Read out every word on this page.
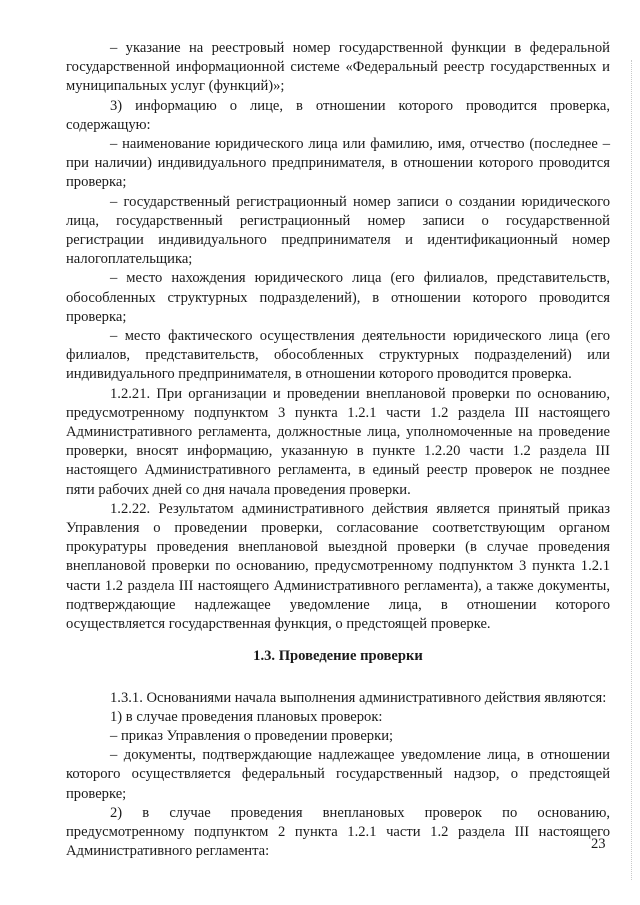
– указание на реестровый номер государственной функции в федеральной государственной информационной системе «Федеральный реестр государственных и муниципальных услуг (функций)»;

3) информацию о лице, в отношении которого проводится проверка, содержащую:

– наименование юридического лица или фамилию, имя, отчество (последнее – при наличии) индивидуального предпринимателя, в отношении которого проводится проверка;

– государственный регистрационный номер записи о создании юридического лица, государственный регистрационный номер записи о государственной регистрации индивидуального предпринимателя и идентификационный номер налогоплательщика;

– место нахождения юридического лица (его филиалов, представительств, обособленных структурных подразделений), в отношении которого проводится проверка;

– место фактического осуществления деятельности юридического лица (его филиалов, представительств, обособленных структурных подразделений) или индивидуального предпринимателя, в отношении которого проводится проверка.

1.2.21. При организации и проведении внеплановой проверки по основанию, предусмотренному подпунктом 3 пункта 1.2.1 части 1.2 раздела III настоящего Административного регламента, должностные лица, уполномоченные на проведение проверки, вносят информацию, указанную в пункте 1.2.20 части 1.2 раздела III настоящего Административного регламента, в единый реестр проверок не позднее пяти рабочих дней со дня начала проведения проверки.

1.2.22. Результатом административного действия является принятый приказ Управления о проведении проверки, согласование соответствующим органом прокуратуры проведения внеплановой выездной проверки (в случае проведения внеплановой проверки по основанию, предусмотренному подпунктом 3 пункта 1.2.1 части 1.2 раздела III настоящего Административного регламента), а также документы, подтверждающие надлежащее уведомление лица, в отношении которого осуществляется государственная функция, о предстоящей проверке.

1.3. Проведение проверки

1.3.1. Основаниями начала выполнения административного действия являются:

1) в случае проведения плановых проверок:

– приказ Управления о проведении проверки;

– документы, подтверждающие надлежащее уведомление лица, в отношении которого осуществляется федеральный государственный надзор, о предстоящей проверке;

2) в случае проведения внеплановых проверок по основанию, предусмотренному подпунктом 2 пункта 1.2.1 части 1.2 раздела III настоящего Административного регламента:	23
